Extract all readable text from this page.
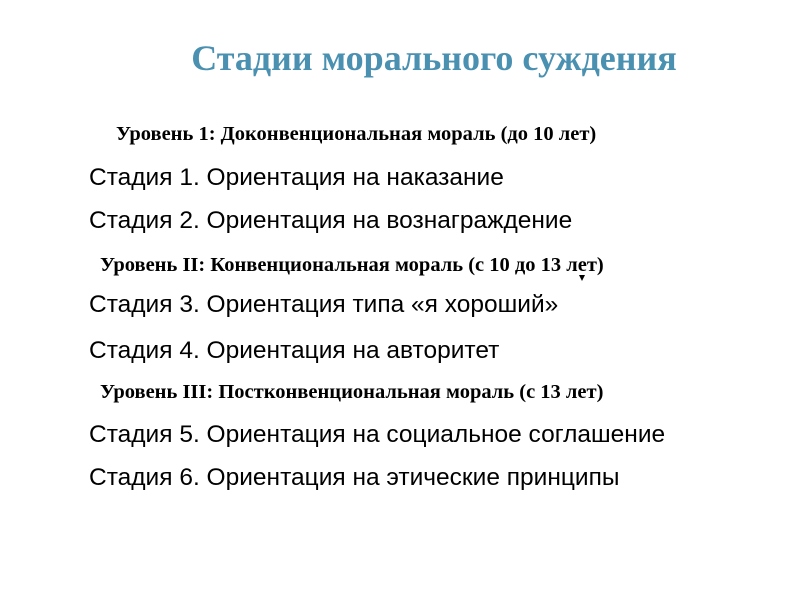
Стадии морального суждения
Уровень 1: Доконвенциональная мораль (до 10 лет)
Стадия 1. Ориентация на наказание
Стадия 2. Ориентация на вознаграждение
Уровень II: Конвенциональная мораль (с 10 до 13 лет)
Стадия 3. Ориентация типа «я хороший»
Стадия 4. Ориентация на авторитет
Уровень III: Постконвенциональная мораль (с 13 лет)
Стадия 5. Ориентация на социальное соглашение
Стадия 6. Ориентация на этические принципы
